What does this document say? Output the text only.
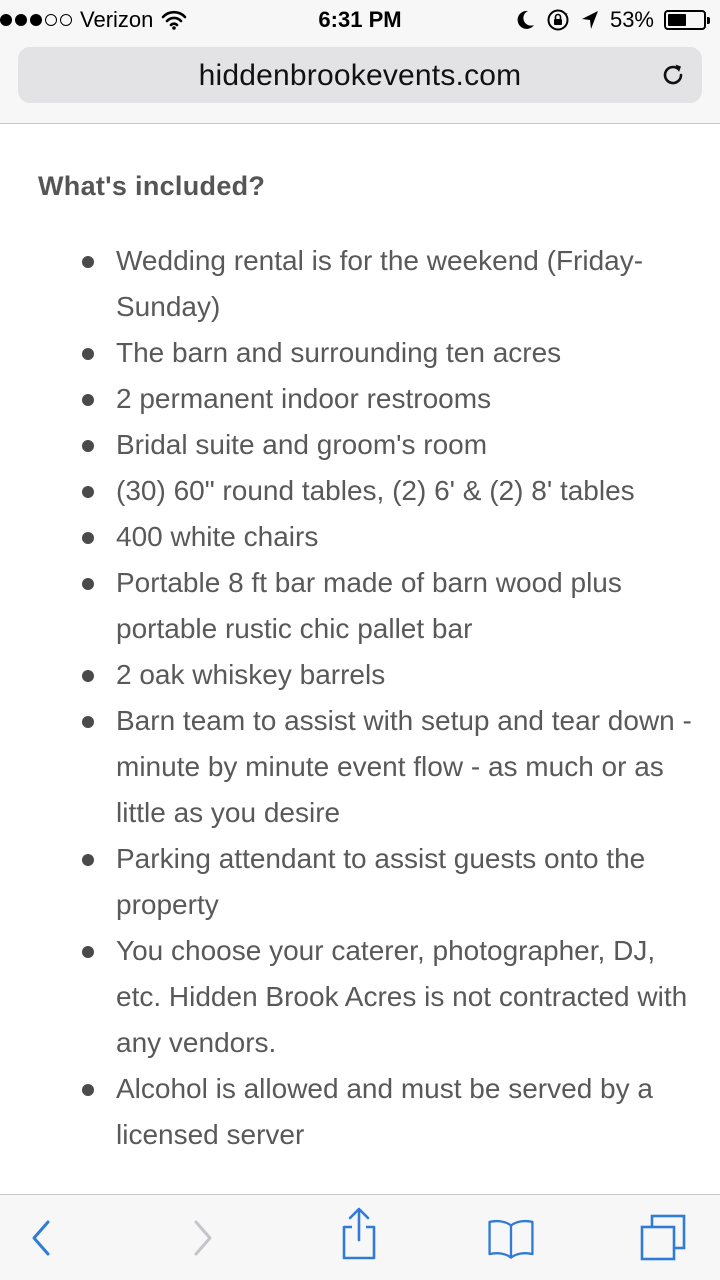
Verizon	6:31 PM	53%
hiddenbrookevents.com
What's included?
Wedding rental is for the weekend (Friday-Sunday)
The barn and surrounding ten acres
2 permanent indoor restrooms
Bridal suite and groom's room
(30) 60" round tables, (2) 6' & (2) 8' tables
400 white chairs
Portable 8 ft bar made of barn wood plus portable rustic chic pallet bar
2 oak whiskey barrels
Barn team to assist with setup and tear down - minute by minute event flow - as much or as little as you desire
Parking attendant to assist guests onto the property
You choose your caterer, photographer, DJ, etc. Hidden Brook Acres is not contracted with any vendors.
Alcohol is allowed and must be served by a licensed server
